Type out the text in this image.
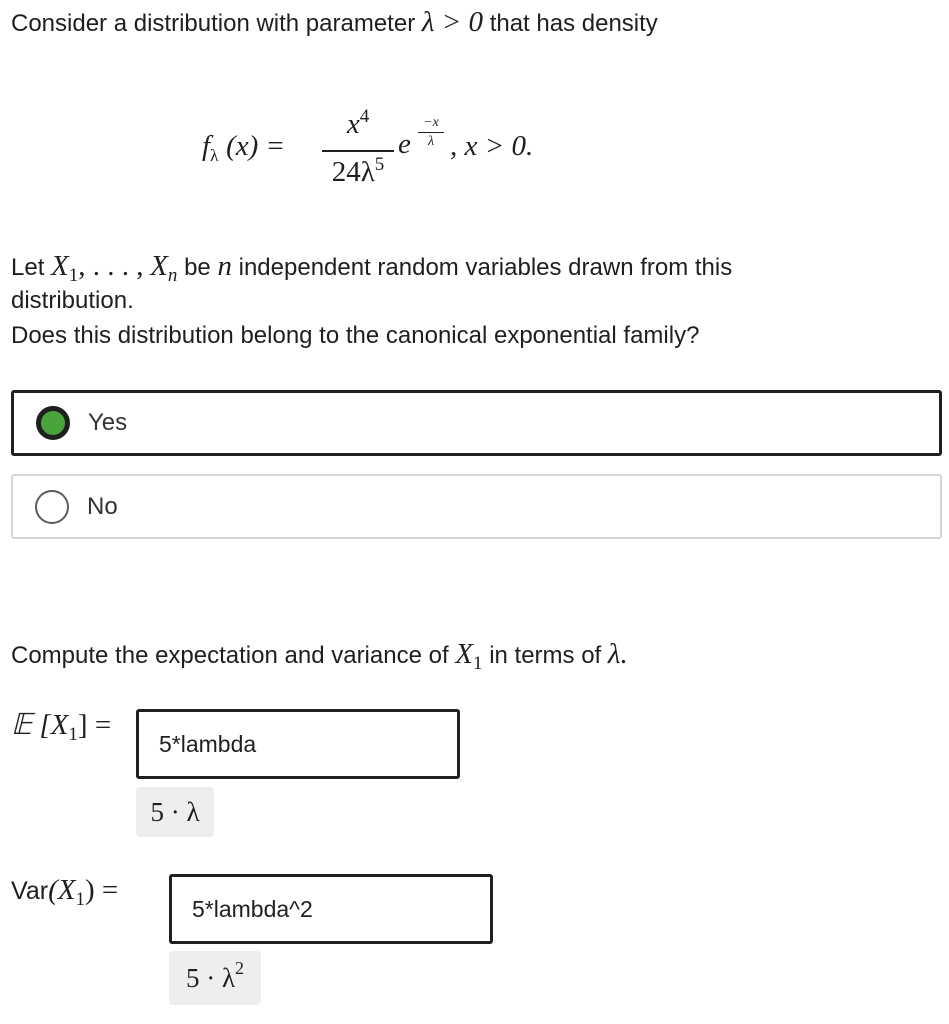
Consider a distribution with parameter λ > 0 that has density
$f_\lambda$ (x) =
$x^4$
$24\lambda^5$
e
−x
λ , x > 0.
Let $X_1$, . . . , $X_n$ be n independent random variables drawn from this
distribution.
Does this distribution belong to the canonical exponential family?
Yes
No
Compute the expectation and variance of $X_1$ in terms of λ.
𝔼 $[X_1]$ =
5*lambda
5 · λ
$Var(X_1)$ =
5*lambda^2
5 · λ 2
